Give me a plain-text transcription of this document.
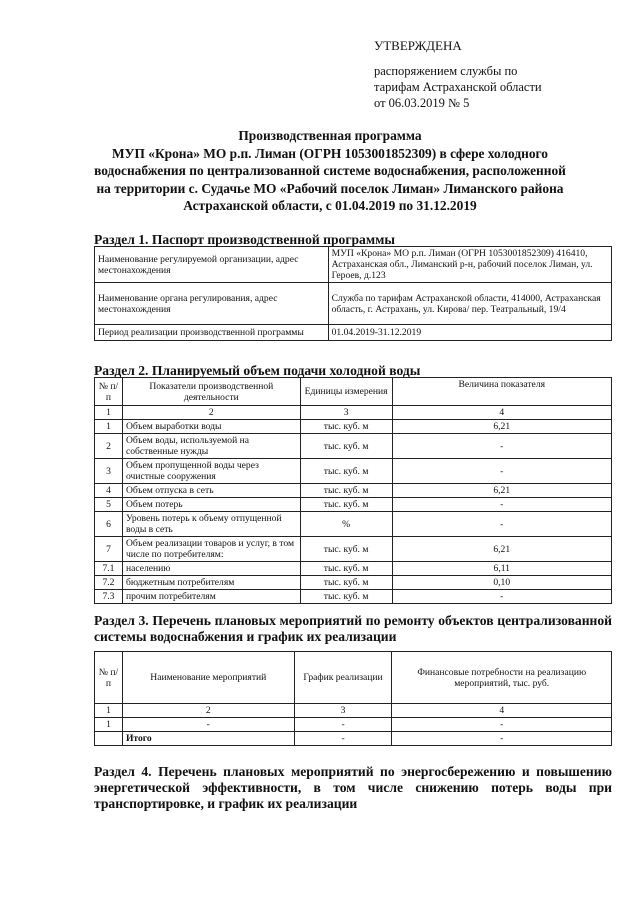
УТВЕРЖДЕНА
распоряжением службы по
тарифам Астраханской области
от 06.03.2019 № 5
Производственная программа
МУП «Крона» МО р.п. Лиман (ОГРН 1053001852309) в сфере холодного
водоснабжения по централизованной системе водоснабжения, расположенной
на территории с. Судачье МО «Рабочий поселок Лиман» Лиманского района
Астраханской области, с 01.04.2019 по 31.12.2019
Раздел 1. Паспорт производственной программы
Наименование регулируемой организации, адрес местонахождения	МУП «Крона» МО р.п. Лиман (ОГРН 1053001852309) 416410, Астраханская обл., Лиманский р-н, рабочий поселок Лиман, ул. Героев, д.123
Наименование органа регулирования, адрес местонахождения	Служба по тарифам Астраханской области, 414000, Астраханская область, г. Астрахань, ул. Кирова/ пер. Театральный, 19/4
Период реализации производственной программы	01.04.2019-31.12.2019
Раздел 2. Планируемый объем подачи холодной воды
№ п/п	Показатели производственной деятельности	Единицы измерения	Величина показателя
1	2	3	4
1	Объем выработки воды	тыс. куб. м	6,21
2	Объем воды, используемой на собственные нужды	тыс. куб. м	-
3	Объем пропущенной воды через очистные сооружения	тыс. куб. м	-
4	Объем отпуска в сеть	тыс. куб. м	6,21
5	Объем потерь	тыс. куб. м	-
6	Уровень потерь к объему отпущенной воды в сеть	%	-
7	Объем реализации товаров и услуг, в том числе по потребителям:	тыс. куб. м	6,21
7.1	населению	тыс. куб. м	6,11
7.2	бюджетным потребителям	тыс. куб. м	0,10
7.3	прочим потребителям	тыс. куб. м	-
Раздел 3. Перечень плановых мероприятий по ремонту объектов централизованной системы водоснабжения и график их реализации
№ п/п	Наименование мероприятий	График реализации	Финансовые потребности на реализацию мероприятий, тыс. руб.
1	2	3	4
1	-	-	-
	Итого	-	-
Раздел 4. Перечень плановых мероприятий по энергосбережению и повышению энергетической эффективности, в том числе снижению потерь воды при транспортировке, и график их реализации
